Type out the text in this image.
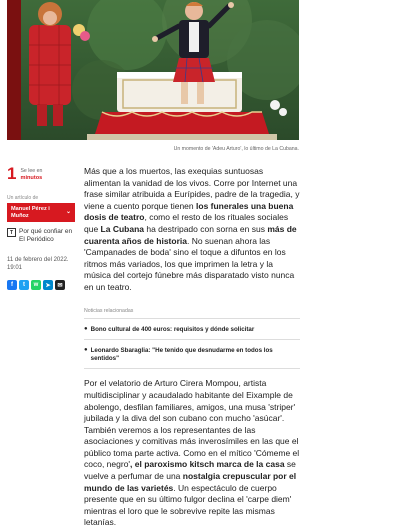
Un momento de 'Adeu Arturo', lo último de La Cubana.
1 Se lee en
minutos
Un artículo de
Manuel Pérez i Muñoz
⌄
T Por qué confiar en El Periódico
11 de febrero del 2022. 19:01
f	t	w	➤	✉

Más que a los muertos, las exequias suntuosas alimentan la vanidad de los vivos. Corre por Internet una frase similar atribuida a Eurípides, padre de la tragedia, y viene a cuento porque tienen los funerales una buena dosis de teatro, como el resto de los rituales sociales que La Cubana ha destripado con sorna en sus más de cuarenta años de historia. No suenan ahora las 'Campanades de boda' sino el toque a difuntos en los ritmos más variados, los que imprimen la letra y la música del cortejo fúnebre más disparatado visto nunca en un teatro.

Noticias relacionadas
● Bono cultural de 400 euros: requisitos y dónde solicitar
● Leonardo Sbaraglia: "He tenido que desnudarme en todos los sentidos"

Por el velatorio de Arturo Cirera Mompou, artista multidisciplinar y acaudalado habitante del Eixample de abolengo, desfilan familiares, amigos, una musa 'striper' jubilada y la diva del son cubano con mucho 'asúcar'. También veremos a los representantes de las asociaciones y comitivas más inverosímiles en las que el público toma parte activa. Como en el mítico 'Cómeme el coco, negro', el paroxismo kitsch marca de la casa se vuelve a perfumar de una nostalgia crepuscular por el mundo de las varietés. Un espectáculo de cuerpo presente que en su último fulgor declina el 'carpe diem' mientras el loro que le sobrevive repite las mismas letanías.
